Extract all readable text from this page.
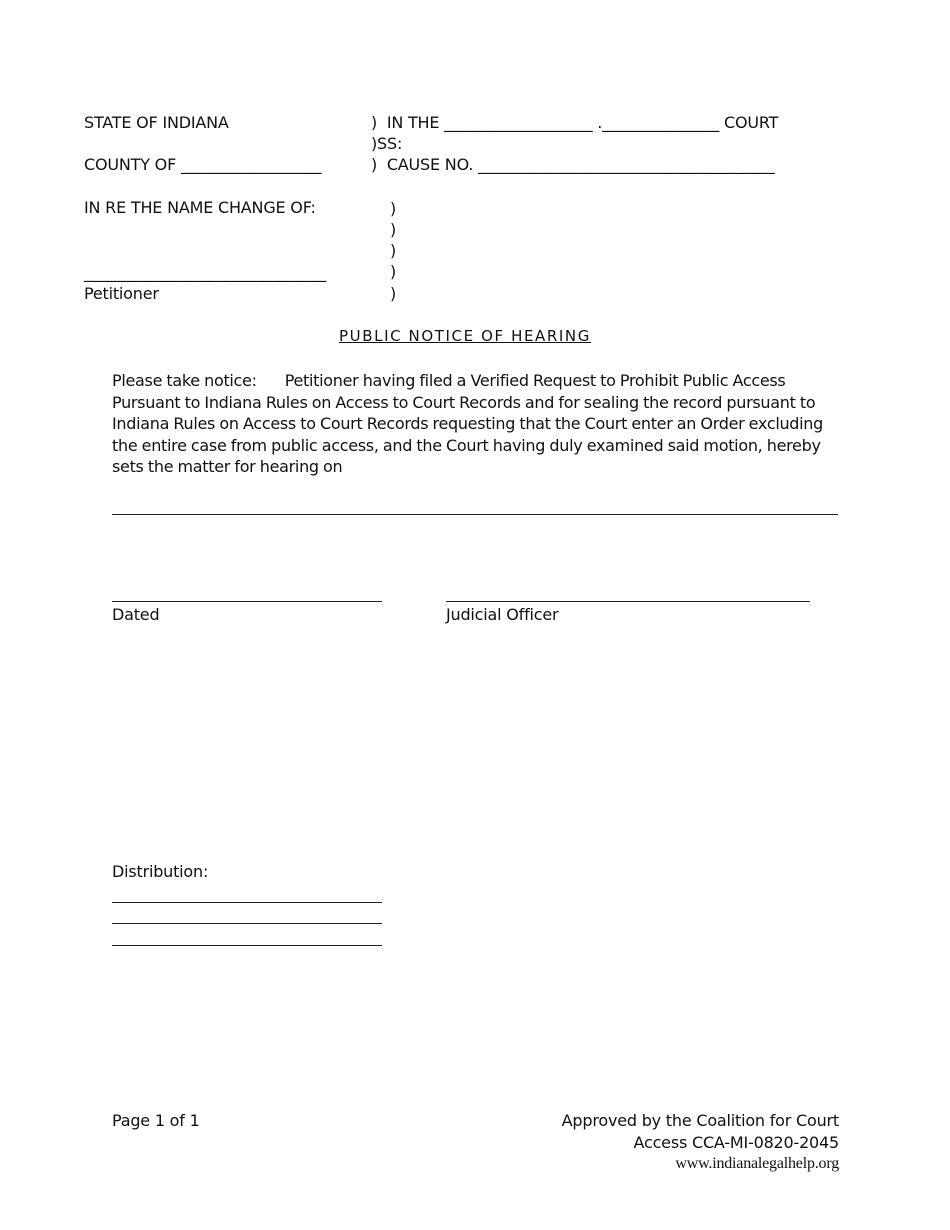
STATE OF INDIANA	)  IN THE ___________________ ._______________ COURT
)SS:
COUNTY OF __________________	)  CAUSE NO. ______________________________________
IN RE THE NAME CHANGE OF:	)
)
)
)
)
_______________________________
Petitioner
PUBLIC NOTICE OF HEARING
Please take notice: Petitioner having filed a Verified Request to Prohibit Public Access Pursuant to Indiana Rules on Access to Court Records and for sealing the record pursuant to Indiana Rules on Access to Court Records requesting that the Court enter an Order excluding the entire case from public access, and the Court having duly examined said motion, hereby sets the matter for hearing on
Dated	Judicial Officer
Distribution:
Page 1 of 1	Approved by the Coalition for Court
Access CCA-MI-0820-2045
www.indianalegalhelp.org
